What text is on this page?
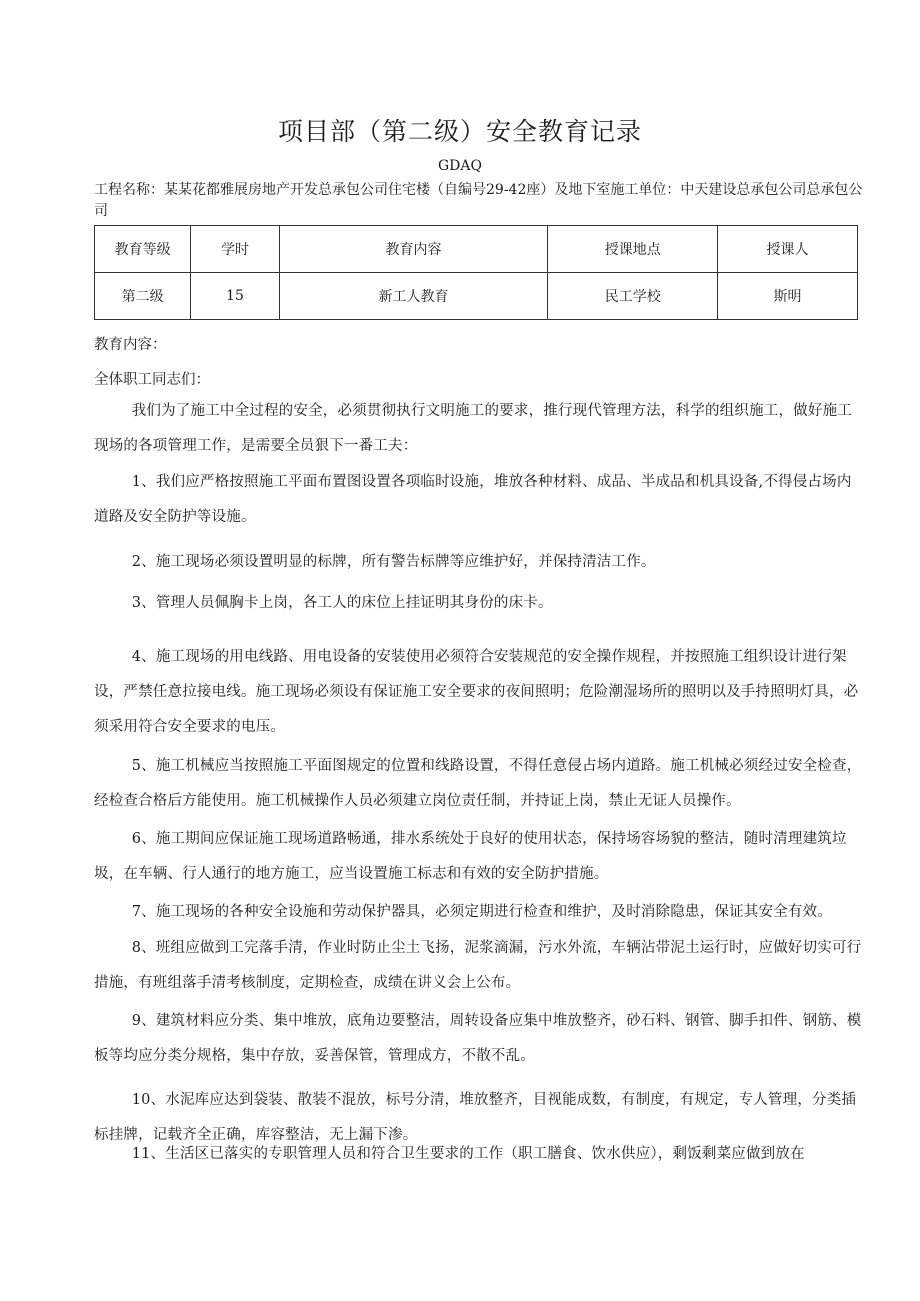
项目部（第二级）安全教育记录
GDAQ
工程名称：某某花都雅展房地产开发总承包公司住宅楼（自编号29-42座）及地下室施工单位：中天建设总承包公司总承包公司
教育等级	学时	教育内容	授课地点	授课人
第二级	15	新工人教育	民工学校	斯明
教育内容：
全体职工同志们：
我们为了施工中全过程的安全，必须贯彻执行文明施工的要求，推行现代管理方法，科学的组织施工，做好施工现场的各项管理工作，是需要全员狠下一番工夫：
1、我们应严格按照施工平面布置图设置各项临时设施，堆放各种材料、成品、半成品和机具设备,不得侵占场内道路及安全防护等设施。
2、施工现场必须设置明显的标牌，所有警告标牌等应维护好，并保持清洁工作。
3、管理人员佩胸卡上岗，各工人的床位上挂证明其身份的床卡。
4、施工现场的用电线路、用电设备的安装使用必须符合安装规范的安全操作规程，并按照施工组织设计进行架设，严禁任意拉接电线。施工现场必须设有保证施工安全要求的夜间照明；危险潮湿场所的照明以及手持照明灯具，必须采用符合安全要求的电压。
5、施工机械应当按照施工平面图规定的位置和线路设置，不得任意侵占场内道路。施工机械必须经过安全检查，经检查合格后方能使用。施工机械操作人员必须建立岗位责任制，并持证上岗，禁止无证人员操作。
6、施工期间应保证施工现场道路畅通，排水系统处于良好的使用状态，保持场容场貌的整洁，随时清理建筑垃圾，在车辆、行人通行的地方施工，应当设置施工标志和有效的安全防护措施。
7、施工现场的各种安全设施和劳动保护器具，必须定期进行检查和维护，及时消除隐患，保证其安全有效。
8、班组应做到工完落手清，作业时防止尘土飞扬，泥浆滴漏，污水外流，车辆沾带泥土运行时，应做好切实可行措施，有班组落手清考核制度，定期检查，成绩在讲义会上公布。
9、建筑材料应分类、集中堆放，底角边要整洁，周转设备应集中堆放整齐，砂石料、钢管、脚手扣件、钢筋、模板等均应分类分规格，集中存放，妥善保管，管理成方，不散不乱。
10、水泥库应达到袋装、散装不混放，标号分清，堆放整齐，目视能成数，有制度，有规定，专人管理，分类插标挂牌，记载齐全正确，库容整洁，无上漏下渗。
11、生活区已落实的专职管理人员和符合卫生要求的工作（职工膳食、饮水供应），剩饭剩菜应做到放在
